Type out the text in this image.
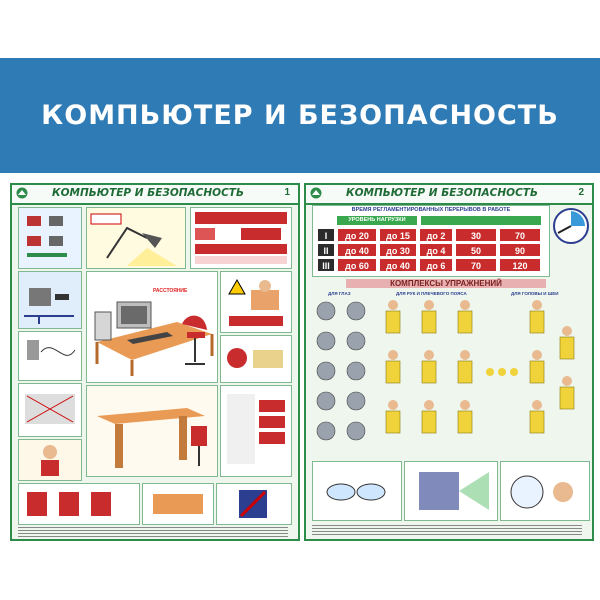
КОМПЬЮТЕР И БЕЗОПАСНОСТЬ
КОМПЬЮТЕР И БЕЗОПАСНОСТЬ	1
РАССТОЯНИЕ
КОМПЬЮТЕР И БЕЗОПАСНОСТЬ	2
ВРЕМЯ РЕГЛАМЕНТИРОВАННЫХ ПЕРЕРЫВОВ В РАБОТЕ
УРОВЕНЬ НАГРУЗКИ
I	до 20	до 15	до 2	30	70
II	до 40	до 30	до 4	50	90
III	до 60	до 40	до 6	70	120
КОМПЛЕКСЫ УПРАЖНЕНИЙ
ДЛЯ ГЛАЗ	ДЛЯ РУК И ПЛЕЧЕВОГО ПОЯСА	ДЛЯ ГОЛОВЫ И ШЕИ
